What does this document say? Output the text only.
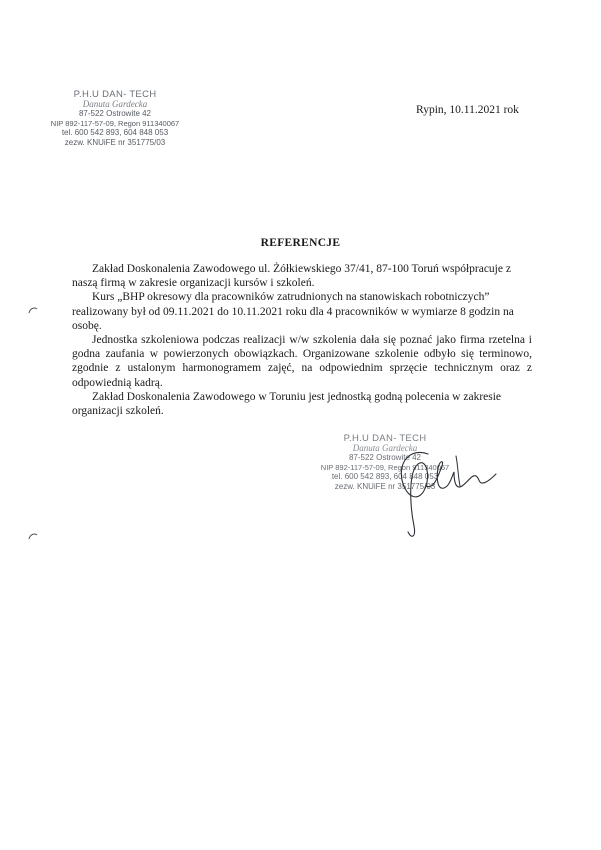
P.H.U DAN- TECH
Danuta Gardecka
87-522 Ostrowite 42
NIP 892-117-57-09, Regon 911340067
tel. 600 542 893, 604 848 053
zezw. KNUiFE nr 351775/03
Rypin, 10.11.2021 rok
REFERENCJE

Zakład Doskonalenia Zawodowego ul. Żółkiewskiego 37/41, 87-100 Toruń współpracuje z naszą firmą w zakresie organizacji kursów i szkoleń.

Kurs „BHP okresowy dla pracowników zatrudnionych na stanowiskach robotniczych” realizowany był od 09.11.2021 do 10.11.2021 roku dla 4 pracowników w wymiarze 8 godzin na osobę.

Jednostka szkoleniowa podczas realizacji w/w szkolenia dała się poznać jako firma rzetelna i godna zaufania w powierzonych obowiązkach. Organizowane szkolenie odbyło się terminowo, zgodnie z ustalonym harmonogramem zajęć, na odpowiednim sprzęcie technicznym oraz z odpowiednią kadrą.

Zakład Doskonalenia Zawodowego w Toruniu jest jednostką godną polecenia w zakresie organizacji szkoleń.

P.H.U DAN- TECH
Danuta Gardecka
87-522 Ostrowite 42
NIP 892-117-57-09, Regon 911340067
tel. 600 542 893, 604 848 053
zezw. KNUiFE nr 351775/03
